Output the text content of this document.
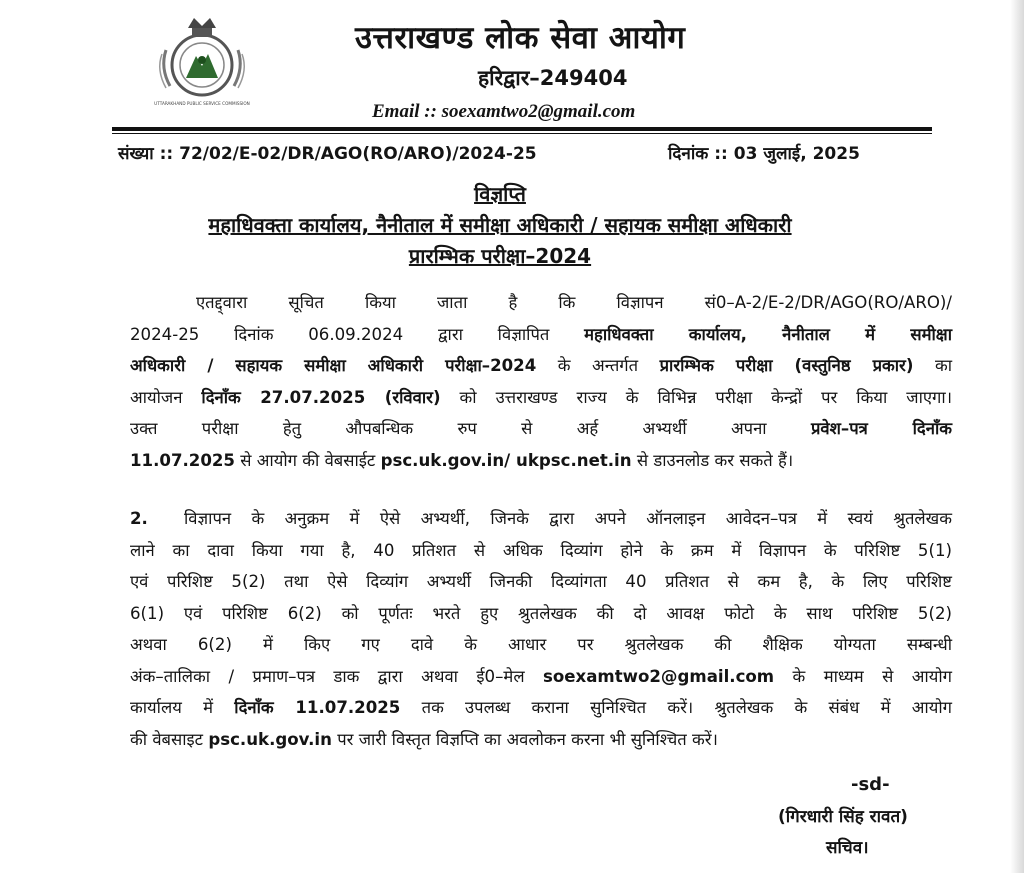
UTTARAKHAND PUBLIC SERVICE COMMISSION
उत्तराखण्ड लोक सेवा आयोग
हरिद्वार–249404
Email :: soexamtwo2@gmail.com
संख्या :: 72/02/E-02/DR/AGO(RO/ARO)/2024-25	दिनांक :: 03 जुलाई, 2025
विज्ञप्ति
महाधिवक्ता कार्यालय, नैनीताल में समीक्षा अधिकारी / सहायक समीक्षा अधिकारी
प्रारम्भिक परीक्षा–2024
एतद्द्वारा सूचित किया जाता है कि विज्ञापन सं0–A-2/E-2/DR/AGO(RO/ARO)/
2024-25 दिनांक 06.09.2024 द्वारा विज्ञापित महाधिवक्ता कार्यालय, नैनीताल में समीक्षा
अधिकारी / सहायक समीक्षा अधिकारी परीक्षा–2024 के अन्तर्गत प्रारम्भिक परीक्षा (वस्तुनिष्ठ प्रकार) का
आयोजन दिनाँक 27.07.2025 (रविवार) को उत्तराखण्ड राज्य के विभिन्न परीक्षा केन्द्रों पर किया जाएगा।
उक्त परीक्षा हेतु औपबन्धिक रुप से अर्ह अभ्यर्थी अपना प्रवेश–पत्र दिनाँक
11.07.2025 से आयोग की वेबसाईट psc.uk.gov.in/ ukpsc.net.in से डाउनलोड कर सकते हैं।
2. विज्ञापन के अनुक्रम में ऐसे अभ्यर्थी, जिनके द्वारा अपने ऑनलाइन आवेदन–पत्र में स्वयं श्रुतलेखक
लाने का दावा किया गया है, 40 प्रतिशत से अधिक दिव्यांग होने के क्रम में विज्ञापन के परिशिष्ट 5(1)
एवं परिशिष्ट 5(2) तथा ऐसे दिव्यांग अभ्यर्थी जिनकी दिव्यांगता 40 प्रतिशत से कम है, के लिए परिशिष्ट
6(1) एवं परिशिष्ट 6(2) को पूर्णतः भरते हुए श्रुतलेखक की दो आवक्ष फोटो के साथ परिशिष्ट 5(2)
अथवा 6(2) में किए गए दावे के आधार पर श्रुतलेखक की शैक्षिक योग्यता सम्बन्धी
अंक–तालिका / प्रमाण–पत्र डाक द्वारा अथवा ई0–मेल soexamtwo2@gmail.com के माध्यम से आयोग
कार्यालय में दिनाँक 11.07.2025 तक उपलब्ध कराना सुनिश्चित करें। श्रुतलेखक के संबंध में आयोग
की वेबसाइट psc.uk.gov.in पर जारी विस्तृत विज्ञप्ति का अवलोकन करना भी सुनिश्चित करें।
-sd-
(गिरधारी सिंह रावत)
सचिव।
